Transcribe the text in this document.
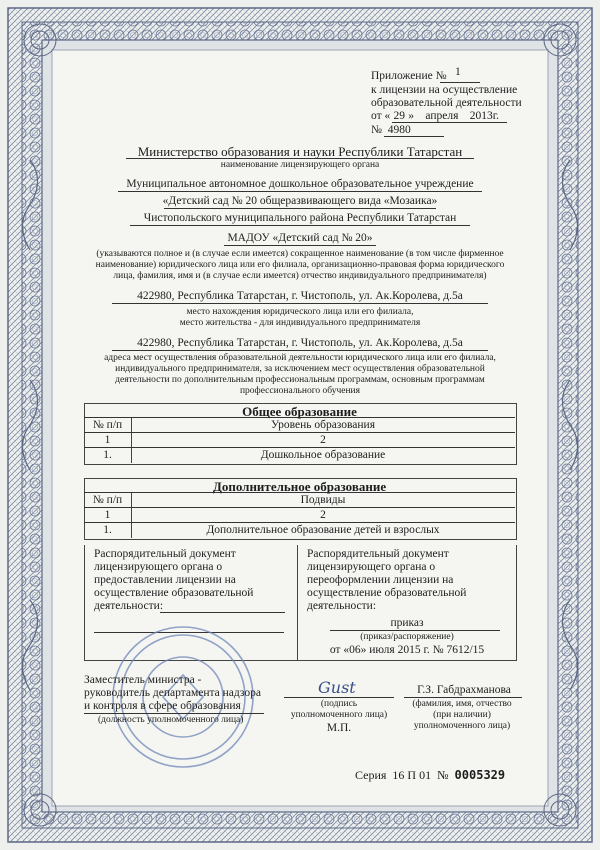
Приложение № 1
к лицензии на осуществление
образовательной деятельности
от « 29 » апреля 2013г.
№ 4980
Министерство образования и науки Республики Татарстан
наименование лицензирующего органа
Муниципальное автономное дошкольное образовательное учреждение
«Детский сад № 20 общеразвивающего вида «Мозаика»
Чистопольского муниципального района Республики Татарстан
МАДОУ «Детский сад № 20»
(указываются полное и (в случае если имеется) сокращенное наименование (в том числе фирменное
наименование) юридического лица или его филиала, организационно-правовая форма юридического
лица, фамилия, имя и (в случае если имеется) отчество индивидуального предпринимателя)
422980, Республика Татарстан, г. Чистополь, ул. Ак.Королева, д.5а
место нахождения юридического лица или его филиала,
место жительства - для индивидуального предпринимателя
422980, Республика Татарстан, г. Чистополь, ул. Ак.Королева, д.5а
адреса мест осуществления образовательной деятельности юридического лица или его филиала,
индивидуального предпринимателя, за исключением мест осуществления образовательной
деятельности по дополнительным профессиональным программам, основным программам
профессионального обучения
Общее образование
№ п/п	Уровень образования
1	2
1.	Дошкольное образование
Дополнительное образование
№ п/п	Подвиды
1	2
1.	Дополнительное образование детей и взрослых
Распорядительный документ
лицензирующего органа о
предоставлении лицензии на
осуществление образовательной
деятельности:
Распорядительный документ
лицензирующего органа о
переоформлении лицензии на
осуществление образовательной
деятельности:
приказ
(приказ/распоряжение)
от «06» июля 2015 г. № 7612/15
Заместитель министра -
руководитель департамента надзора
и контроля в сфере образования
(должность уполномоченного лица)
Gust
(подпись
уполномоченного лица)
М.П.
Г.З. Габдрахманова
(фамилия, имя, отчество
(при наличии)
уполномоченного лица)
Серия 16 П 01 № 0005329
